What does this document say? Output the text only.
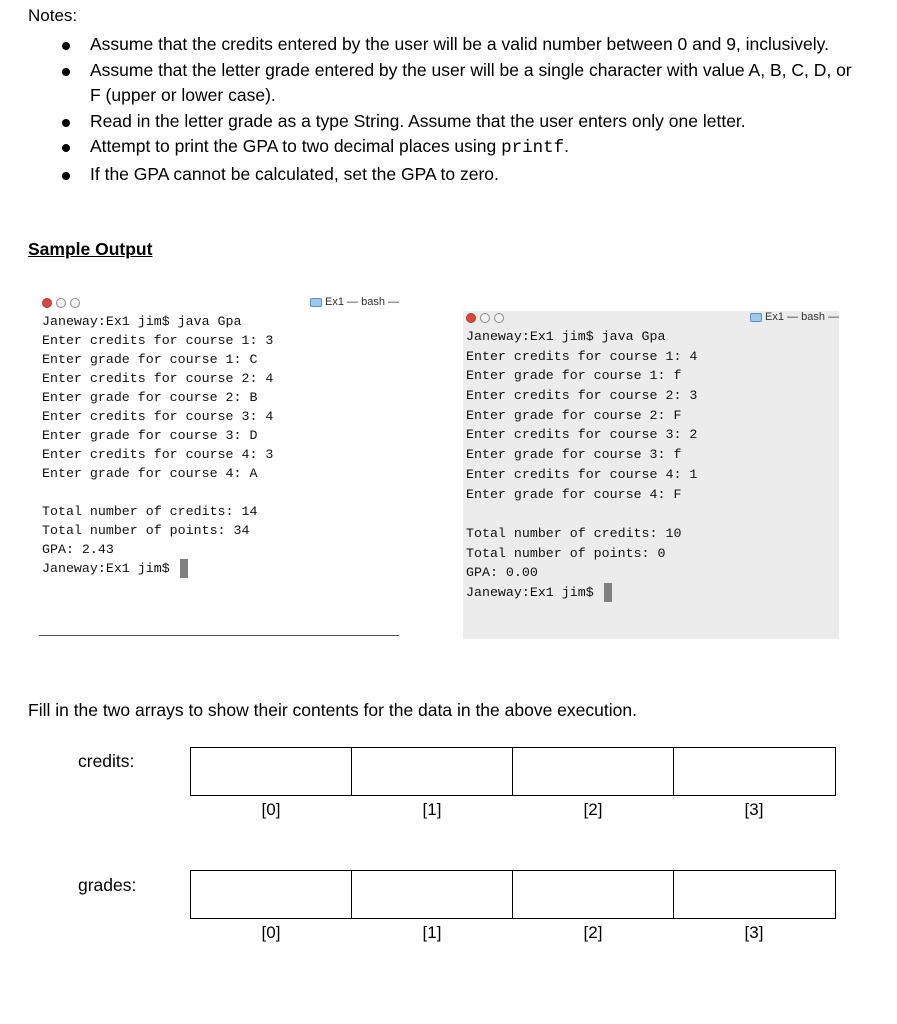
Notes:
Assume that the credits entered by the user will be a valid number between 0 and 9, inclusively.
Assume that the letter grade entered by the user will be a single character with value A, B, C, D, or F (upper or lower case).
Read in the letter grade as a type String. Assume that the user enters only one letter.
Attempt to print the GPA to two decimal places using printf.
If the GPA cannot be calculated, set the GPA to zero.
Sample Output
Ex1 — bash —
Janeway:Ex1 jim$ java Gpa
Enter credits for course 1: 3
Enter grade for course 1: C
Enter credits for course 2: 4
Enter grade for course 2: B
Enter credits for course 3: 4
Enter grade for course 3: D
Enter credits for course 4: 3
Enter grade for course 4: A
Total number of credits: 14
Total number of points: 34
GPA: 2.43
Janeway:Ex1 jim$
Ex1 — bash —
Janeway:Ex1 jim$ java Gpa
Enter credits for course 1: 4
Enter grade for course 1: f
Enter credits for course 2: 3
Enter grade for course 2: F
Enter credits for course 3: 2
Enter grade for course 3: f
Enter credits for course 4: 1
Enter grade for course 4: F
Total number of credits: 10
Total number of points: 0
GPA: 0.00
Janeway:Ex1 jim$
Fill in the two arrays to show their contents for the data in the above execution.
credits:
[0]	[1]	[2]	[3]
grades:
[0]	[1]	[2]	[3]
